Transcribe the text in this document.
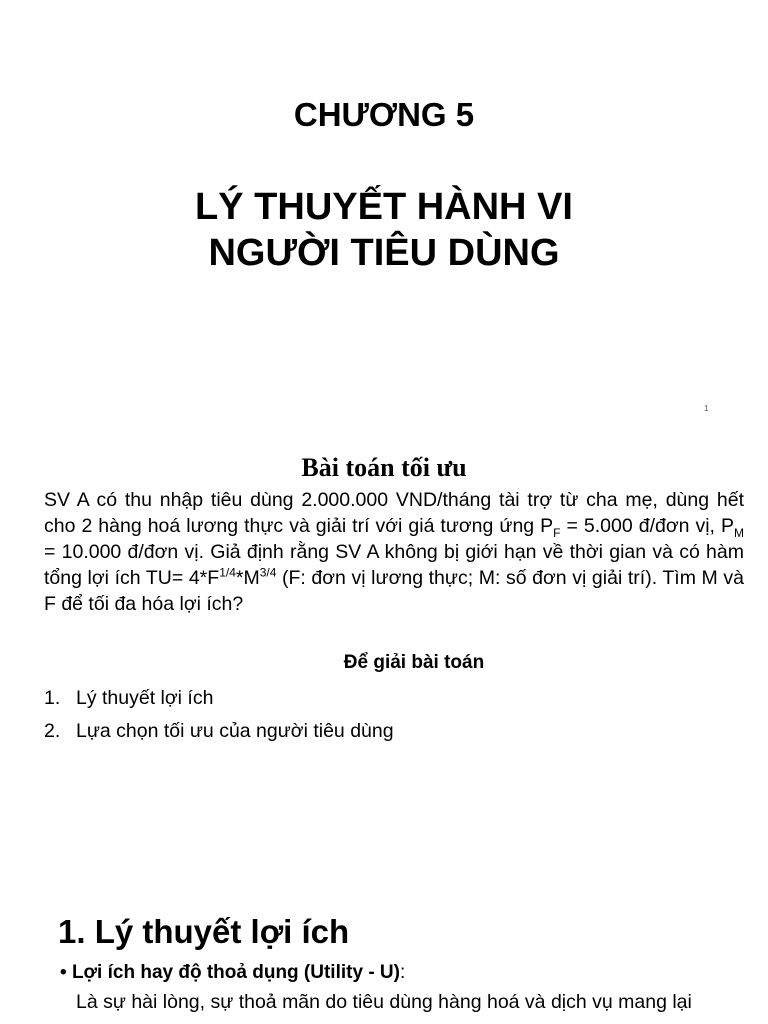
CHƯƠNG 5
LÝ THUYẾT HÀNH VI
NGƯỜI TIÊU DÙNG
1
Bài toán tối ưu
SV A có thu nhập tiêu dùng 2.000.000 VND/tháng tài trợ từ cha mẹ, dùng hết cho 2 hàng hoá lương thực và giải trí với giá tương ứng $P_F = 5.000$ đ/đơn vị, $P_M = 10.000$ đ/đơn vị. Giả định rằng SV A không bị giới hạn về thời gian và có hàm tổng lợi ích $TU= 4*F^{1/4}*M^{3/4}$ (F: đơn vị lương thực; M: số đơn vị giải trí). Tìm M và F để tối đa hóa lợi ích?
Để giải bài toán
1. Lý thuyết lợi ích
2. Lựa chọn tối ưu của người tiêu dùng
1. Lý thuyết lợi ích
• Lợi ích hay độ thoả dụng (Utility - U):
Là sự hài lòng, sự thoả mãn do tiêu dùng hàng hoá và dịch vụ mang lại
